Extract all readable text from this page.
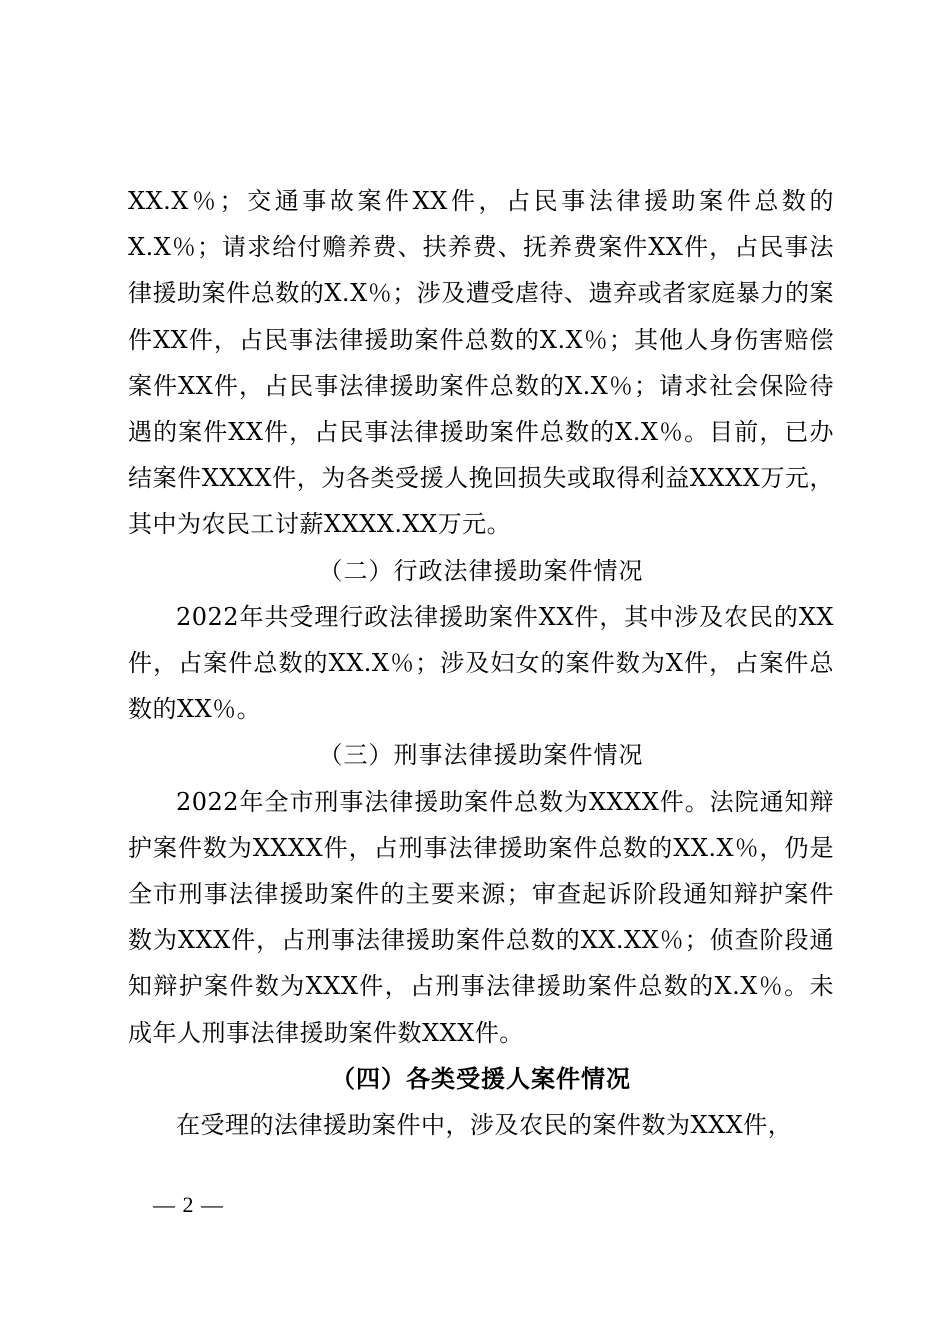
XX.X％；交通事故案件XX件，占民事法律援助案件总数的X.X％；请求给付赡养费、扶养费、抚养费案件XX件，占民事法律援助案件总数的X.X％；涉及遭受虐待、遗弃或者家庭暴力的案件XX件，占民事法律援助案件总数的X.X％；其他人身伤害赔偿案件XX件，占民事法律援助案件总数的X.X％；请求社会保险待遇的案件XX件，占民事法律援助案件总数的X.X％。目前，已办结案件XXXX件，为各类受援人挽回损失或取得利益XXXX万元，其中为农民工讨薪XXXX.XX万元。

（二）行政法律援助案件情况

2022年共受理行政法律援助案件XX件，其中涉及农民的XX件，占案件总数的XX.X％；涉及妇女的案件数为X件，占案件总数的XX％。

（三）刑事法律援助案件情况

2022年全市刑事法律援助案件总数为XXXX件。法院通知辩护案件数为XXXX件，占刑事法律援助案件总数的XX.X％，仍是全市刑事法律援助案件的主要来源；审查起诉阶段通知辩护案件数为XXX件，占刑事法律援助案件总数的XX.XX％；侦查阶段通知辩护案件数为XXX件，占刑事法律援助案件总数的X.X％。未成年人刑事法律援助案件数XXX件。

（四）各类受援人案件情况

在受理的法律援助案件中，涉及农民的案件数为XXX件，

— 2 —
